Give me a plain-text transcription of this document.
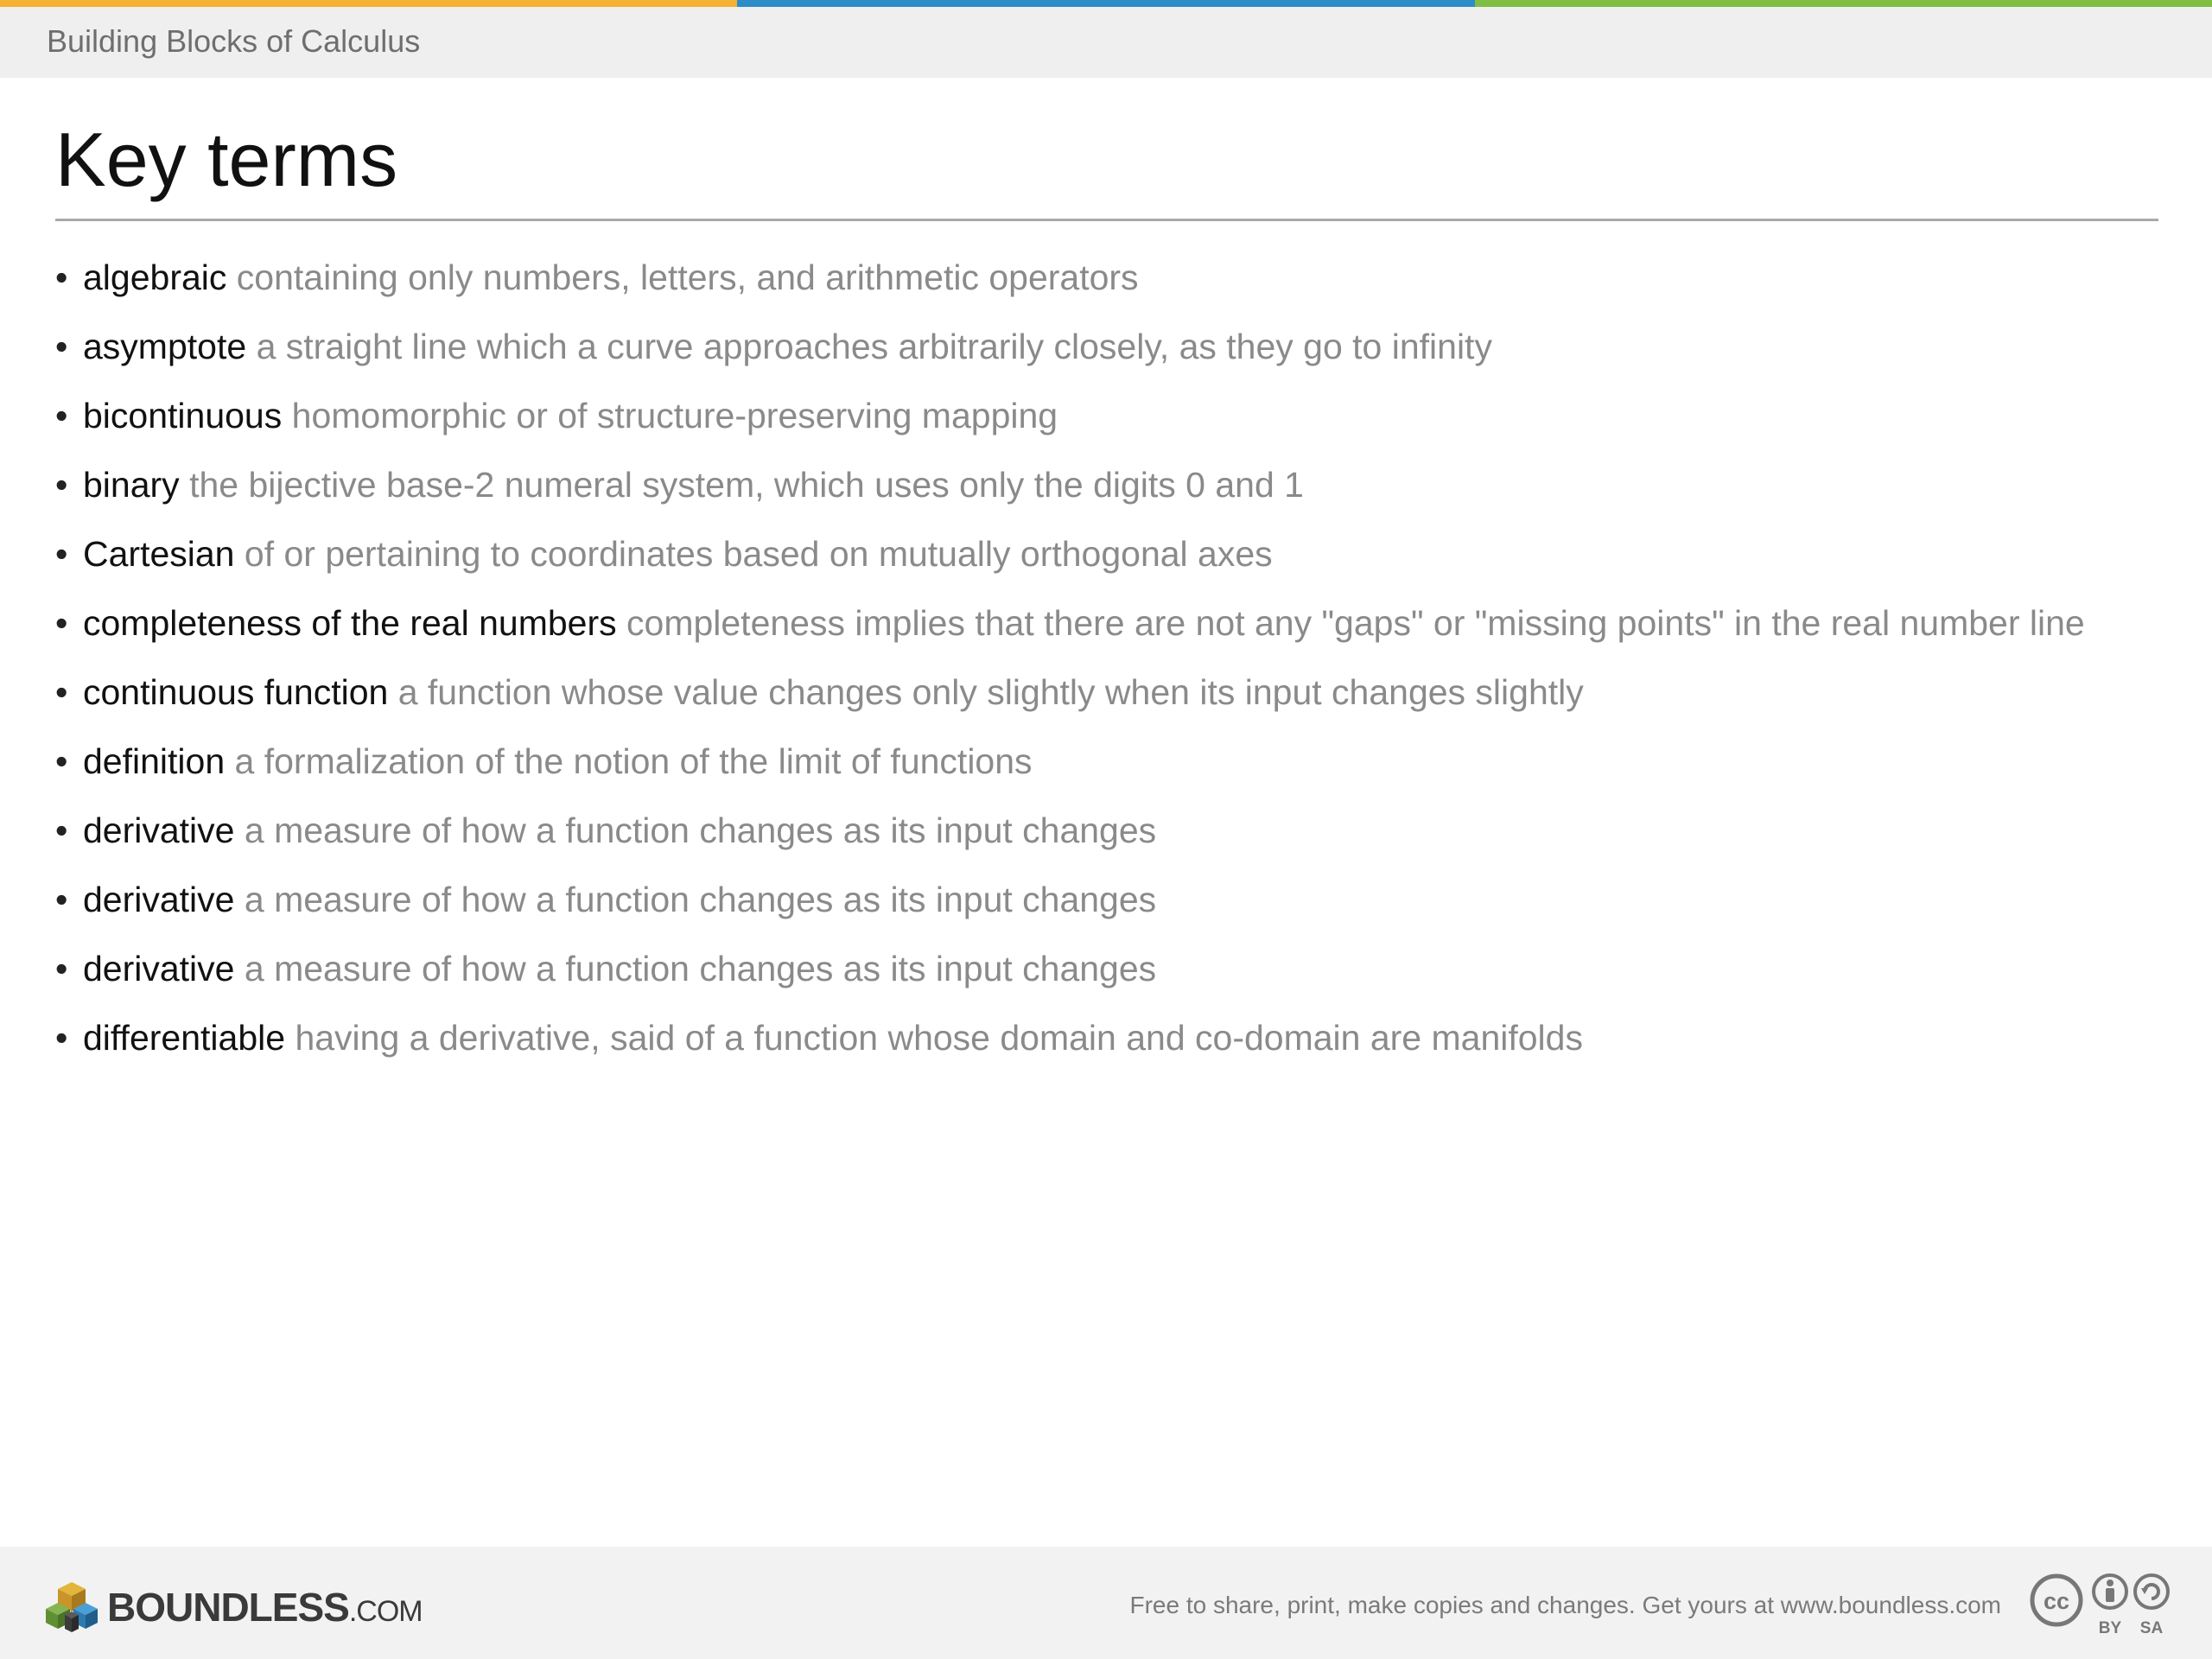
Building Blocks of Calculus
Key terms
• algebraic containing only numbers, letters, and arithmetic operators
• asymptote a straight line which a curve approaches arbitrarily closely, as they go to infinity
• bicontinuous homomorphic or of structure-preserving mapping
• binary the bijective base-2 numeral system, which uses only the digits 0 and 1
• Cartesian of or pertaining to coordinates based on mutually orthogonal axes
• completeness of the real numbers completeness implies that there are not any "gaps" or "missing points" in the real number line
• continuous function a function whose value changes only slightly when its input changes slightly
• definition a formalization of the notion of the limit of functions
• derivative a measure of how a function changes as its input changes
• derivative a measure of how a function changes as its input changes
• derivative a measure of how a function changes as its input changes
• differentiable having a derivative, said of a function whose domain and co-domain are manifolds
BOUNDLESS.COM	Free to share, print, make copies and changes. Get yours at www.boundless.com cc
BY SA
